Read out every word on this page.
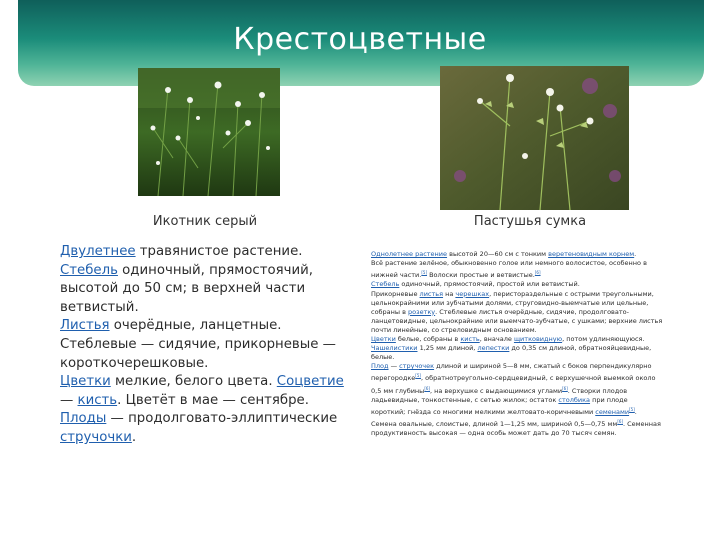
Крестоцветные
Икотник серый	Пастушья сумка
Двулетнее травянистое растение.
Стебель одиночный, прямостоячий, высотой до 50 см; в верхней части ветвистый.
Листья очерёдные, ланцетные. Стеблевые — сидячие, прикорневые — короткочерешковые.
Цветки мелкие, белого цвета. Соцветие — кисть. Цветёт в мае — сентябре.
Плоды — продолговато-эллиптические стручочки.
Однолетнее растение высотой 20—60 см с тонким веретеновидным корнем.
Всё растение зелёное, обыкновенно голое или немного волосистое, особенно в нижней части.[5] Волоски простые и ветвистые.[6]
Стебель одиночный, прямостоячий, простой или ветвистый.
Прикорневые листья на черешках, перистораздельные с острыми треугольными, цельнокрайними или зубчатыми долями, струговидно-выемчатые или цельные, собраны в розетку. Стеблевые листья очерёдные, сидячие, продолговато-ланцетовидные, цельнокрайние или выемчато-зубчатые, с ушками; верхние листья почти линейные, со стреловидным основанием.
Цветки белые, собраны в кисть, вначале щитковидную, потом удлиняющуюся. Чашелистики 1,25 мм длиной, лепестки до 0,35 см длиной, обратнояйцевидные, белые.
Плод — стручочек длиной и шириной 5—8 мм, сжатый с боков перпендикулярно перегородке[5], обратнотреугольно-сердцевидный, с верхушечной выемкой около 0,5 мм глубины[6], на верхушке с выдающимися углами[6]. Створки плодов ладьевидные, тонкостенные, с сетью жилок; остаток столбика при плоде короткий; гнёзда со многими мелкими желтовато-коричневыми семенами[5]. Семена овальные, слоистые, длиной 1—1,25 мм, шириной 0,5—0,75 мм[6]. Семенная продуктивность высокая — одна особь может дать до 70 тысяч семян.
